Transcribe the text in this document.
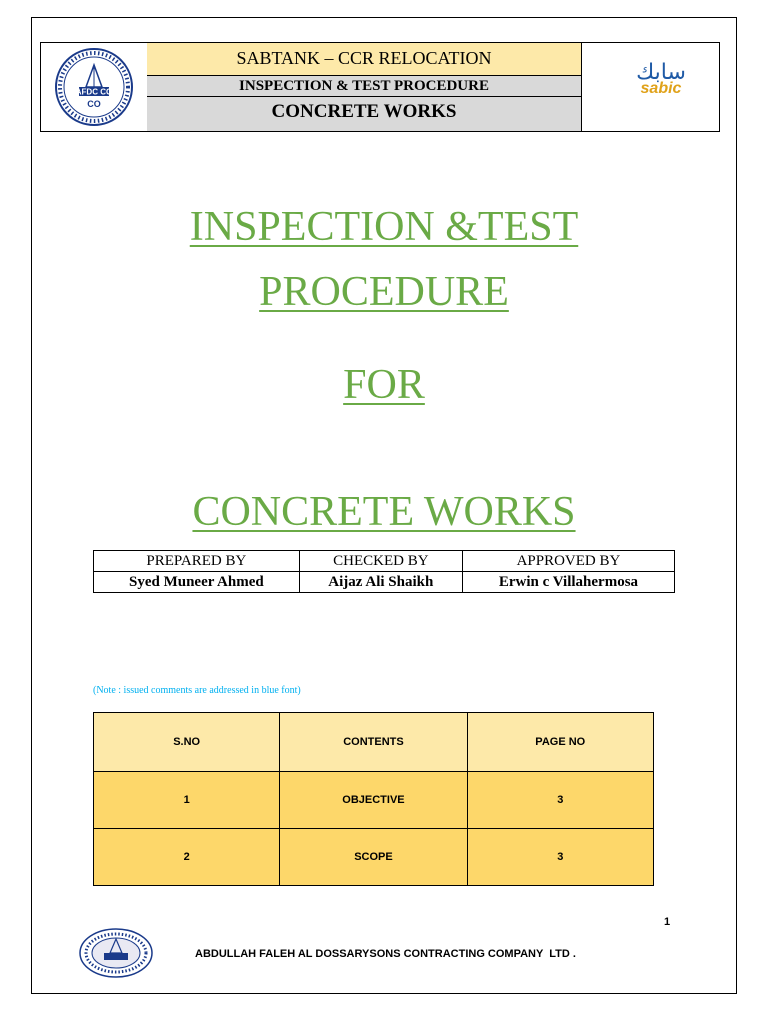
AFDC CO
CO
SABTANK – CCR RELOCATION
INSPECTION & TEST PROCEDURE
CONCRETE WORKS
سابك
sabic
INSPECTION &TEST
PROCEDURE
FOR
CONCRETE WORKS
PREPARED BY	CHECKED BY	APPROVED BY
Syed Muneer Ahmed	Aijaz Ali Shaikh	Erwin c Villahermosa
(Note : issued comments are addressed in blue font)
S.NO	CONTENTS	PAGE NO
1	OBJECTIVE	3
2	SCOPE	3
1
ABDULLAH FALEH AL DOSSARYSONS CONTRACTING COMPANY  LTD .
